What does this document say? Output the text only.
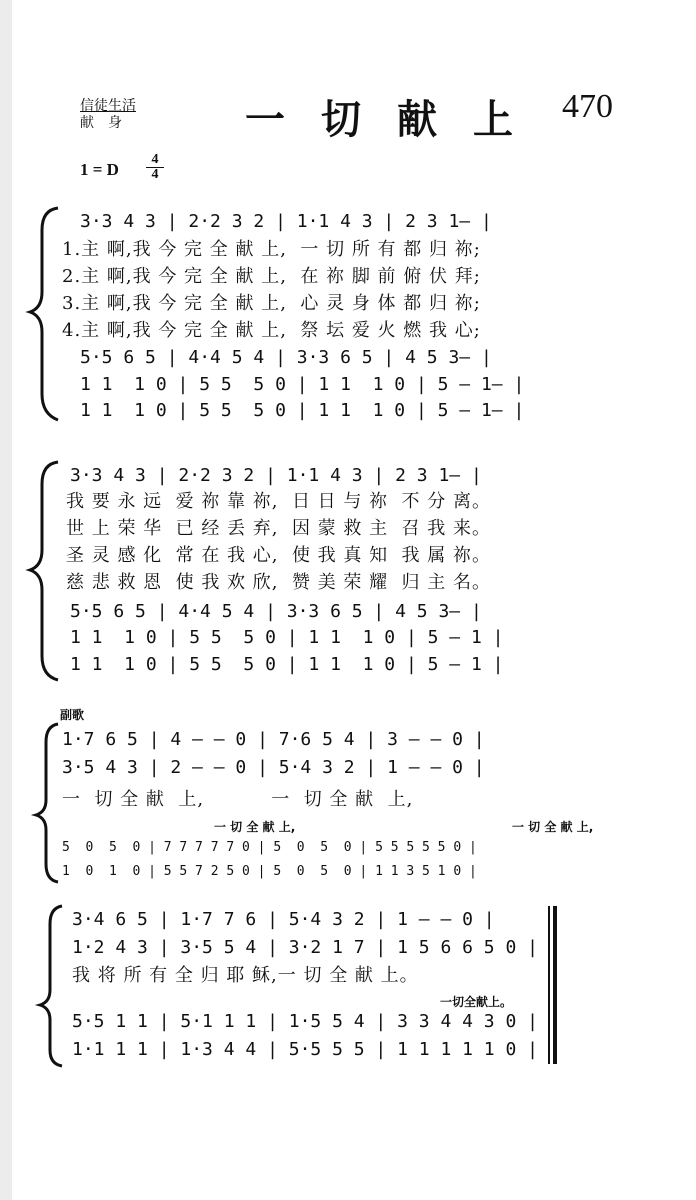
信徒生活
献身	一切献上 470
1 = D
4
4
3·3 4 3 | 2·2 3 2 | 1·1 4 3 | 2 3 1– |
1.主 啊,我 今 完 全 献 上,  一 切 所 有 都 归 祢;
2.主 啊,我 今 完 全 献 上,  在 祢 脚 前 俯 伏 拜;
3.主 啊,我 今 完 全 献 上,  心 灵 身 体 都 归 祢;
4.主 啊,我 今 完 全 献 上,  祭 坛 爱 火 燃 我 心;
5·5 6 5 | 4·4 5 4 | 3·3 6 5 | 4 5 3– |
1 1  1 0 | 5 5  5 0 | 1 1  1 0 | 5 – 1– |
1 1  1 0 | 5 5  5 0 | 1 1  1 0 | 5 – 1– |
3·3 4 3 | 2·2 3 2 | 1·1 4 3 | 2 3 1– |
我 要 永 远  爱 祢 靠 祢,  日 日 与 祢  不 分 离。
世 上 荣 华  已 经 丢 弃,  因 蒙 救 主  召 我 来。
圣 灵 感 化  常 在 我 心,  使 我 真 知  我 属 祢。
慈 悲 救 恩  使 我 欢 欣,  赞 美 荣 耀  归 主 名。
5·5 6 5 | 4·4 5 4 | 3·3 6 5 | 4 5 3– |
1 1  1 0 | 5 5  5 0 | 1 1  1 0 | 5 – 1 |
1 1  1 0 | 5 5  5 0 | 1 1  1 0 | 5 – 1 |
副歌
1·7 6 5 | 4 – – 0 | 7·6 5 4 | 3 – – 0 |
3·5 4 3 | 2 – – 0 | 5·4 3 2 | 1 – – 0 |
一  切 全 献  上,          一  切 全 献  上,
一 切 全 献 上,	一 切 全 献 上,
5  0  5  0 | 7 7 7 7 7 0 | 5  0  5  0 | 5 5 5 5 5 0 |
1  0  1  0 | 5 5 7 2 5 0 | 5  0  5  0 | 1 1 3 5 1 0 |
3·4 6 5 | 1·7 7 6 | 5·4 3 2 | 1 – – 0 |
1·2 4 3 | 3·5 5 4 | 3·2 1 7 | 1 5 6 6 5 0 |
我 将 所 有 全 归 耶 稣,一 切 全 献 上。
一切全献上。
5·5 1 1 | 5·1 1 1 | 1·5 5 4 | 3 3 4 4 3 0 |
1·1 1 1 | 1·3 4 4 | 5·5 5 5 | 1 1 1 1 1 0 |
